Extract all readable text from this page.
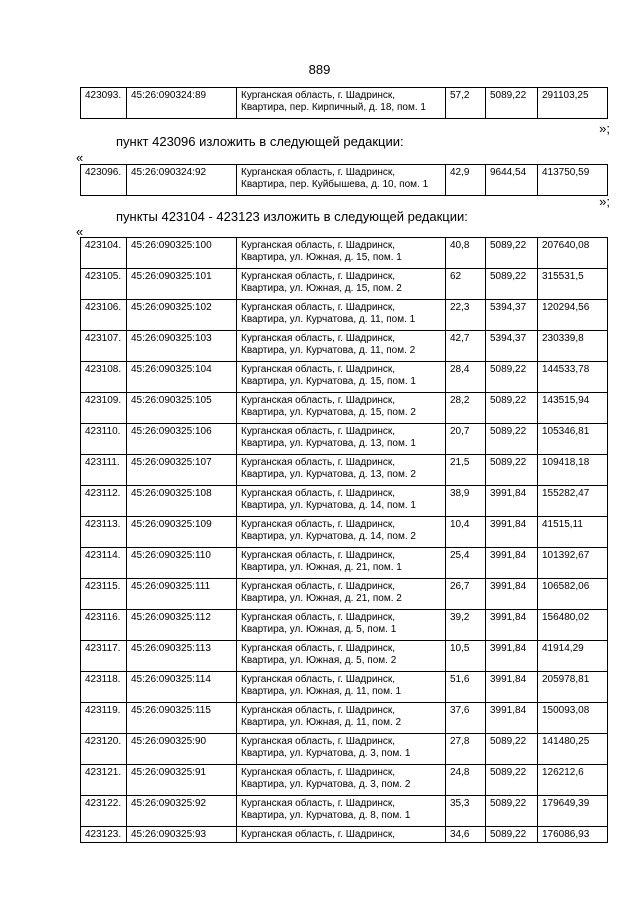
889
423093.	45:26:090324:89	Курганская область, г. Шадринск, Квартира, пер. Кирпичный, д. 18, пом. 1	57,2	5089,22	291103,25
»;
пункт 423096 изложить в следующей редакции:
«
423096.	45:26:090324:92	Курганская область, г. Шадринск, Квартира, пер. Куйбышева, д. 10, пом. 1	42,9	9644,54	413750,59
»;
пункты 423104 - 423123 изложить в следующей редакции:
«
423104.	45:26:090325:100	Курганская область, г. Шадринск, Квартира, ул. Южная, д. 15, пом. 1	40,8	5089,22	207640,08
423105.	45:26:090325:101	Курганская область, г. Шадринск, Квартира, ул. Южная, д. 15, пом. 2	62	5089,22	315531,5
423106.	45:26:090325:102	Курганская область, г. Шадринск, Квартира, ул. Курчатова, д. 11, пом. 1	22,3	5394,37	120294,56
423107.	45:26:090325:103	Курганская область, г. Шадринск, Квартира, ул. Курчатова, д. 11, пом. 2	42,7	5394,37	230339,8
423108.	45:26:090325:104	Курганская область, г. Шадринск, Квартира, ул. Курчатова, д. 15, пом. 1	28,4	5089,22	144533,78
423109.	45:26:090325:105	Курганская область, г. Шадринск, Квартира, ул. Курчатова, д. 15, пом. 2	28,2	5089,22	143515,94
423110.	45:26:090325:106	Курганская область, г. Шадринск, Квартира, ул. Курчатова, д. 13, пом. 1	20,7	5089,22	105346,81
423111.	45:26:090325:107	Курганская область, г. Шадринск, Квартира, ул. Курчатова, д. 13, пом. 2	21,5	5089,22	109418,18
423112.	45:26:090325:108	Курганская область, г. Шадринск, Квартира, ул. Курчатова, д. 14, пом. 1	38,9	3991,84	155282,47
423113.	45:26:090325:109	Курганская область, г. Шадринск, Квартира, ул. Курчатова, д. 14, пом. 2	10,4	3991,84	41515,11
423114.	45:26:090325:110	Курганская область, г. Шадринск, Квартира, ул. Южная, д. 21, пом. 1	25,4	3991,84	101392,67
423115.	45:26:090325:111	Курганская область, г. Шадринск, Квартира, ул. Южная, д. 21, пом. 2	26,7	3991,84	106582,06
423116.	45:26:090325:112	Курганская область, г. Шадринск, Квартира, ул. Южная, д. 5, пом. 1	39,2	3991,84	156480,02
423117.	45:26:090325:113	Курганская область, г. Шадринск, Квартира, ул. Южная, д. 5, пом. 2	10,5	3991,84	41914,29
423118.	45:26:090325:114	Курганская область, г. Шадринск, Квартира, ул. Южная, д. 11, пом. 1	51,6	3991,84	205978,81
423119.	45:26:090325:115	Курганская область, г. Шадринск, Квартира, ул. Южная, д. 11, пом. 2	37,6	3991,84	150093,08
423120.	45:26:090325:90	Курганская область, г. Шадринск, Квартира, ул. Курчатова, д. 3, пом. 1	27,8	5089,22	141480,25
423121.	45:26:090325:91	Курганская область, г. Шадринск, Квартира, ул. Курчатова, д. 3, пом. 2	24,8	5089,22	126212,6
423122.	45:26:090325:92	Курганская область, г. Шадринск, Квартира, ул. Курчатова, д. 8, пом. 1	35,3	5089,22	179649,39
423123.	45:26:090325:93	Курганская область, г. Шадринск,	34,6	5089,22	176086,93
